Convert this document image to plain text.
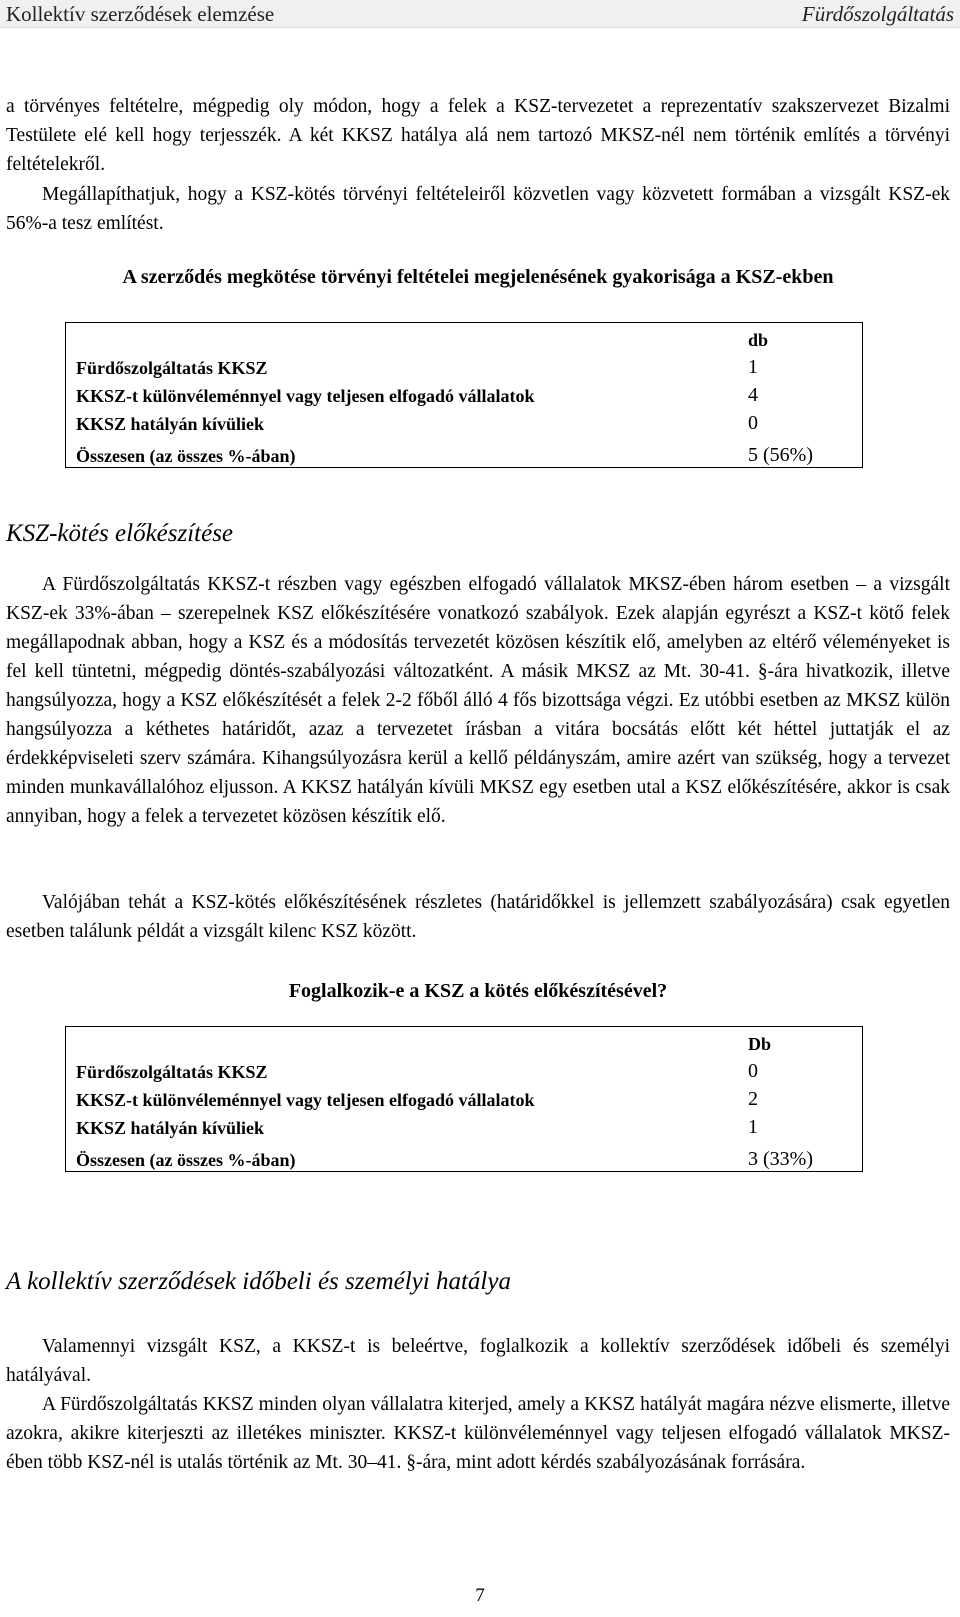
Kollektív szerződések elemzése	Fürdőszolgáltatás

a törvényes feltételre, mégpedig oly módon, hogy a felek a KSZ-tervezetet a reprezentatív szakszervezet Bizalmi Testülete elé kell hogy terjesszék. A két KKSZ hatálya alá nem tartozó MKSZ-nél nem történik említés a törvényi feltételekről.

Megállapíthatjuk, hogy a KSZ-kötés törvényi feltételeiről közvetlen vagy közvetett formában a vizsgált KSZ-ek 56%-a tesz említést.

A szerződés megkötése törvényi feltételei megjelenésének gyakorisága a KSZ-ekben
	db
Fürdőszolgáltatás KKSZ	1
KKSZ-t különvéleménnyel vagy teljesen elfogadó vállalatok	4
KKSZ hatályán kívüliek	0
Összesen (az összes %-ában)	5 (56%)
KSZ-kötés előkészítése

A Fürdőszolgáltatás KKSZ-t részben vagy egészben elfogadó vállalatok MKSZ-ében három esetben – a vizsgált KSZ-ek 33%-ában – szerepelnek KSZ előkészítésére vonatkozó szabályok. Ezek alapján egyrészt a KSZ-t kötő felek megállapodnak abban, hogy a KSZ és a módosítás tervezetét közösen készítik elő, amelyben az eltérő véleményeket is fel kell tüntetni, mégpedig döntés-szabályozási változatként. A másik MKSZ az Mt. 30-41. §-ára hivatkozik, illetve hangsúlyozza, hogy a KSZ előkészítését a felek 2-2 főből álló 4 fős bizottsága végzi. Ez utóbbi esetben az MKSZ külön hangsúlyozza a kéthetes határidőt, azaz a tervezetet írásban a vitára bocsátás előtt két héttel juttatják el az érdekképviseleti szerv számára. Kihangsúlyozásra kerül a kellő példányszám, amire azért van szükség, hogy a tervezet minden munkavállalóhoz eljusson. A KKSZ hatályán kívüli MKSZ egy esetben utal a KSZ előkészítésére, akkor is csak annyiban, hogy a felek a tervezetet közösen készítik elő.

Valójában tehát a KSZ-kötés előkészítésének részletes (határidőkkel is jellemzett szabályozására) csak egyetlen esetben találunk példát a vizsgált kilenc KSZ között.

Foglalkozik-e a KSZ a kötés előkészítésével?
	Db
Fürdőszolgáltatás KKSZ	0
KKSZ-t különvéleménnyel vagy teljesen elfogadó vállalatok	2
KKSZ hatályán kívüliek	1
Összesen (az összes %-ában)	3 (33%)
A kollektív szerződések időbeli és személyi hatálya

Valamennyi vizsgált KSZ, a KKSZ-t is beleértve, foglalkozik a kollektív szerződések időbeli és személyi hatályával.

A Fürdőszolgáltatás KKSZ minden olyan vállalatra kiterjed, amely a KKSZ hatályát magára nézve elismerte, illetve azokra, akikre kiterjeszti az illetékes miniszter. KKSZ-t különvéleménnyel vagy teljesen elfogadó vállalatok MKSZ-ében több KSZ-nél is utalás történik az Mt. 30–41. §-ára, mint adott kérdés szabályozásának forrására.

7
